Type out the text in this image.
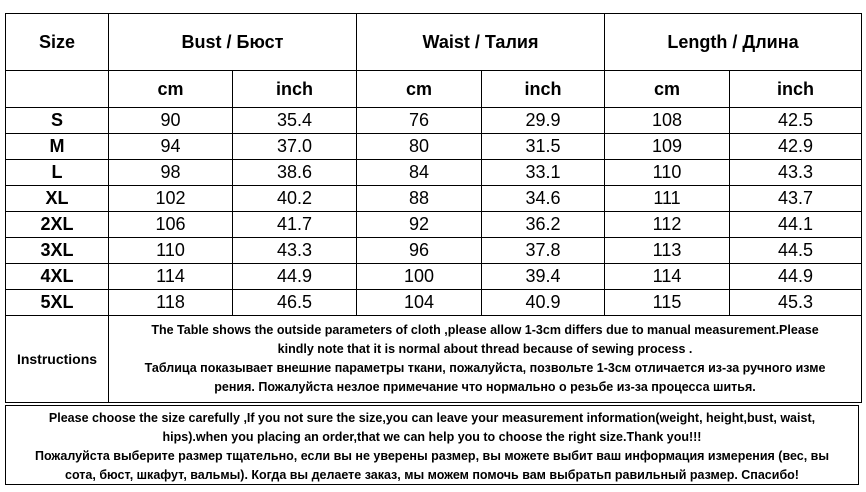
Size	Bust / Бюст		Waist / Талия		Length / Длина	
	cm	inch	cm	inch	cm	inch
S	90	35.4	76	29.9	108	42.5
M	94	37.0	80	31.5	109	42.9
L	98	38.6	84	33.1	110	43.3
XL	102	40.2	88	34.6	111	43.7
2XL	106	41.7	92	36.2	112	44.1
3XL	110	43.3	96	37.8	113	44.5
4XL	114	44.9	100	39.4	114	44.9
5XL	118	46.5	104	40.9	115	45.3
Instructions	The Table shows the outside parameters of cloth ,please allow 1-3cm differs due to manual measurement.Please

kindly note that it is normal about thread because of sewing process .

Таблица показывает внешние параметры ткани, пожалуйста, позвольте 1-3см отличается из-за ручного изме

рения. Пожалуйста незлое примечание что нормально о резьбе из-за процесса шитья.					

Please choose the size carefully ,If you not sure the size,you can leave your measurement information(weight, height,bust, waist,

hips).when you placing an order,that we can help you to choose the right size.Thank you!!!

Пожалуйста выберите размер тщательно, если вы не уверены размер, вы можете выбит ваш информация измерения (вес, вы

сота, бюст, шкафут, вальмы). Когда вы делаете заказ, мы можем помочь вам выбратьп равильный размер. Спасибо!
